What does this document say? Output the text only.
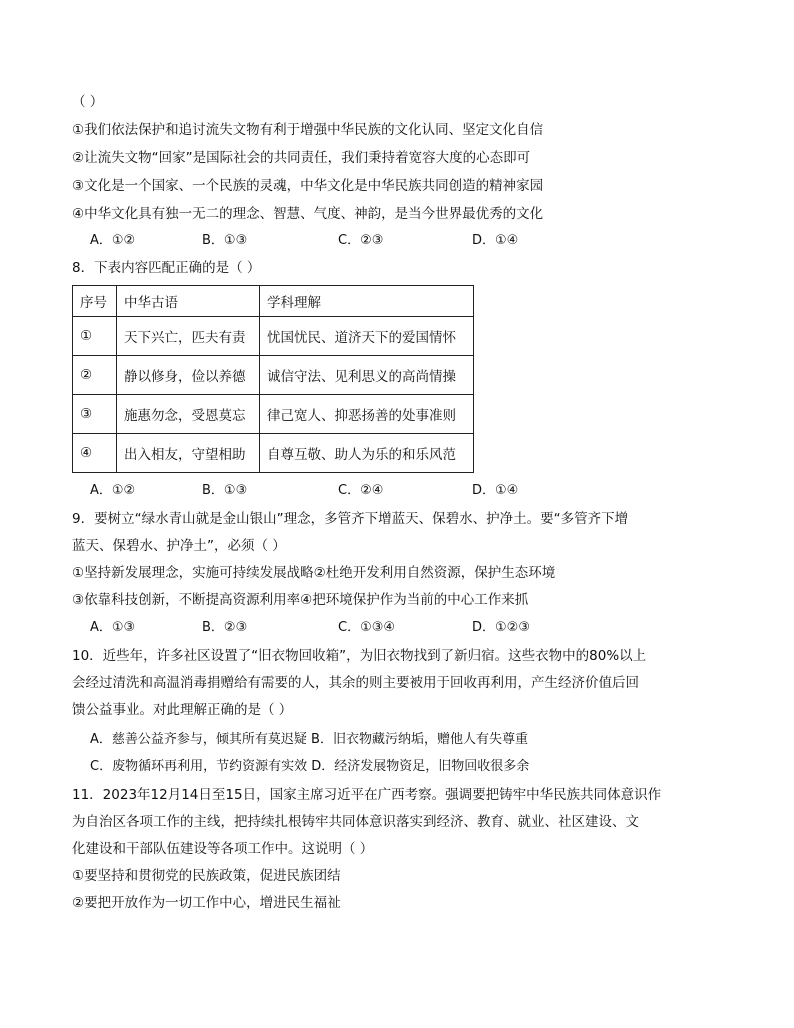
（ ）
①我们依法保护和追讨流失文物有利于增强中华民族的文化认同、坚定文化自信
②让流失文物“回家”是国际社会的共同责任，我们秉持着宽容大度的心态即可
③文化是一个国家、一个民族的灵魂，中华文化是中华民族共同创造的精神家园
④中华文化具有独一无二的理念、智慧、气度、神韵，是当今世界最优秀的文化
A．①②	B．①③	C．②③	D．①④
8．下表内容匹配正确的是（ ）
序号	中华古语	学科理解
①	天下兴亡，匹夫有责	忧国忧民、道济天下的爱国情怀
②	静以修身，俭以养德	诚信守法、见利思义的高尚情操
③	施惠勿念，受恩莫忘	律己宽人、抑恶扬善的处事准则
④	出入相友，守望相助	自尊互敬、助人为乐的和乐风范
A．①②	B．①③	C．②④	D．①④
9．要树立“绿水青山就是金山银山”理念，多管齐下增蓝天、保碧水、护净土。要“多管齐下增
蓝天、保碧水、护净土”，必须（ ）
①坚持新发展理念，实施可持续发展战略②杜绝开发利用自然资源，保护生态环境
③依靠科技创新，不断提高资源利用率④把环境保护作为当前的中心工作来抓
A．①③	B．②③	C．①③④	D．①②③
10．近些年，许多社区设置了“旧衣物回收箱”，为旧衣物找到了新归宿。这些衣物中的80%以上
会经过清洗和高温消毒捐赠给有需要的人，其余的则主要被用于回收再利用，产生经济价值后回
馈公益事业。对此理解正确的是（ ）
A．慈善公益齐参与，倾其所有莫迟疑 B．旧衣物藏污纳垢，赠他人有失尊重
C．废物循环再利用，节约资源有实效 D．经济发展物资足，旧物回收很多余
11．2023年12月14日至15日，国家主席习近平在广西考察。强调要把铸牢中华民族共同体意识作
为自治区各项工作的主线，把持续扎根铸牢共同体意识落实到经济、教育、就业、社区建设、文
化建设和干部队伍建设等各项工作中。这说明（ ）
①要坚持和贯彻党的民族政策，促进民族团结
②要把开放作为一切工作中心，增进民生福祉
